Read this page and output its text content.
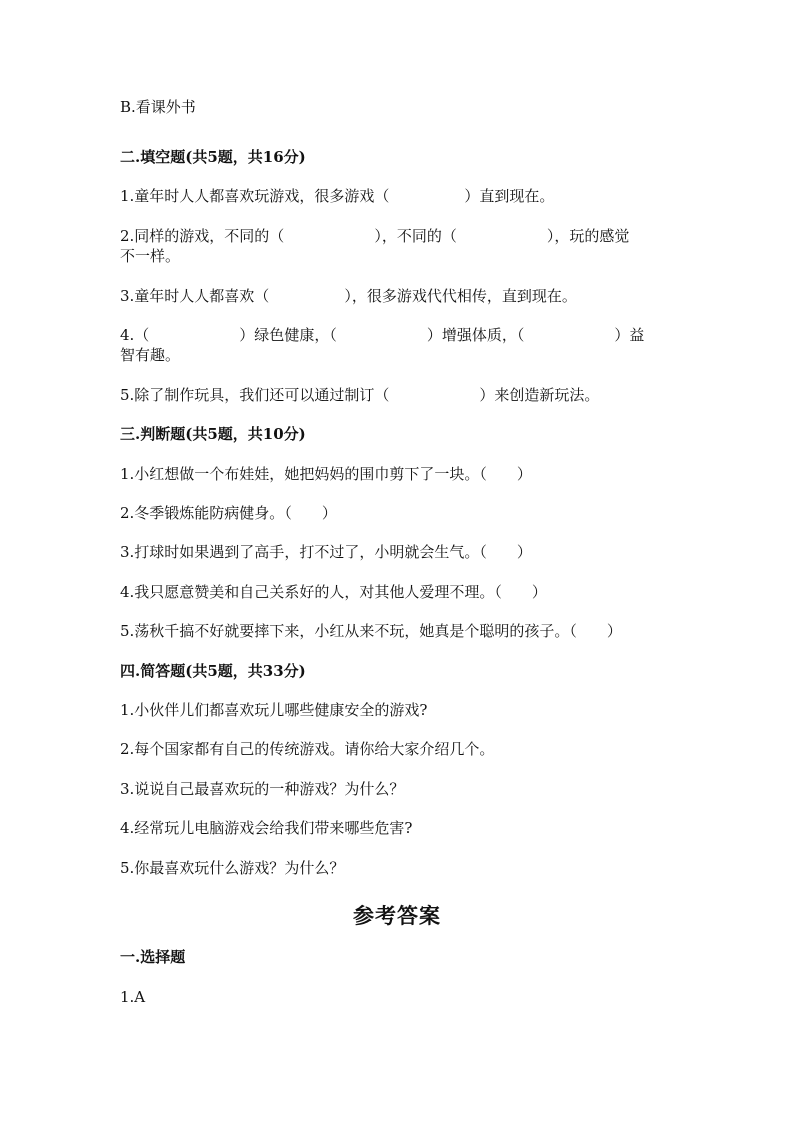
B.看课外书
二.填空题(共5题，共16分)
1.童年时人人都喜欢玩游戏，很多游戏（　　　　　）直到现在。
2.同样的游戏，不同的（　　　　　　），不同的（　　　　　　），玩的感觉
不一样。
3.童年时人人都喜欢（　　　　　），很多游戏代代相传，直到现在。
4.（　　　　　　）绿色健康，（　　　　　　）增强体质，（　　　　　　）益
智有趣。
5.除了制作玩具，我们还可以通过制订（　　　　　　）来创造新玩法。
三.判断题(共5题，共10分)
1.小红想做一个布娃娃，她把妈妈的围巾剪下了一块。（　　）
2.冬季锻炼能防病健身。（　　）
3.打球时如果遇到了高手，打不过了，小明就会生气。（　　）
4.我只愿意赞美和自己关系好的人，对其他人爱理不理。（　　）
5.荡秋千搞不好就要摔下来，小红从来不玩，她真是个聪明的孩子。（　　）
四.简答题(共5题，共33分)
1.小伙伴儿们都喜欢玩儿哪些健康安全的游戏?
2.每个国家都有自己的传统游戏。请你给大家介绍几个。
3.说说自己最喜欢玩的一种游戏？为什么？
4.经常玩儿电脑游戏会给我们带来哪些危害?
5.你最喜欢玩什么游戏？为什么？
参考答案
一.选择题
1.A
